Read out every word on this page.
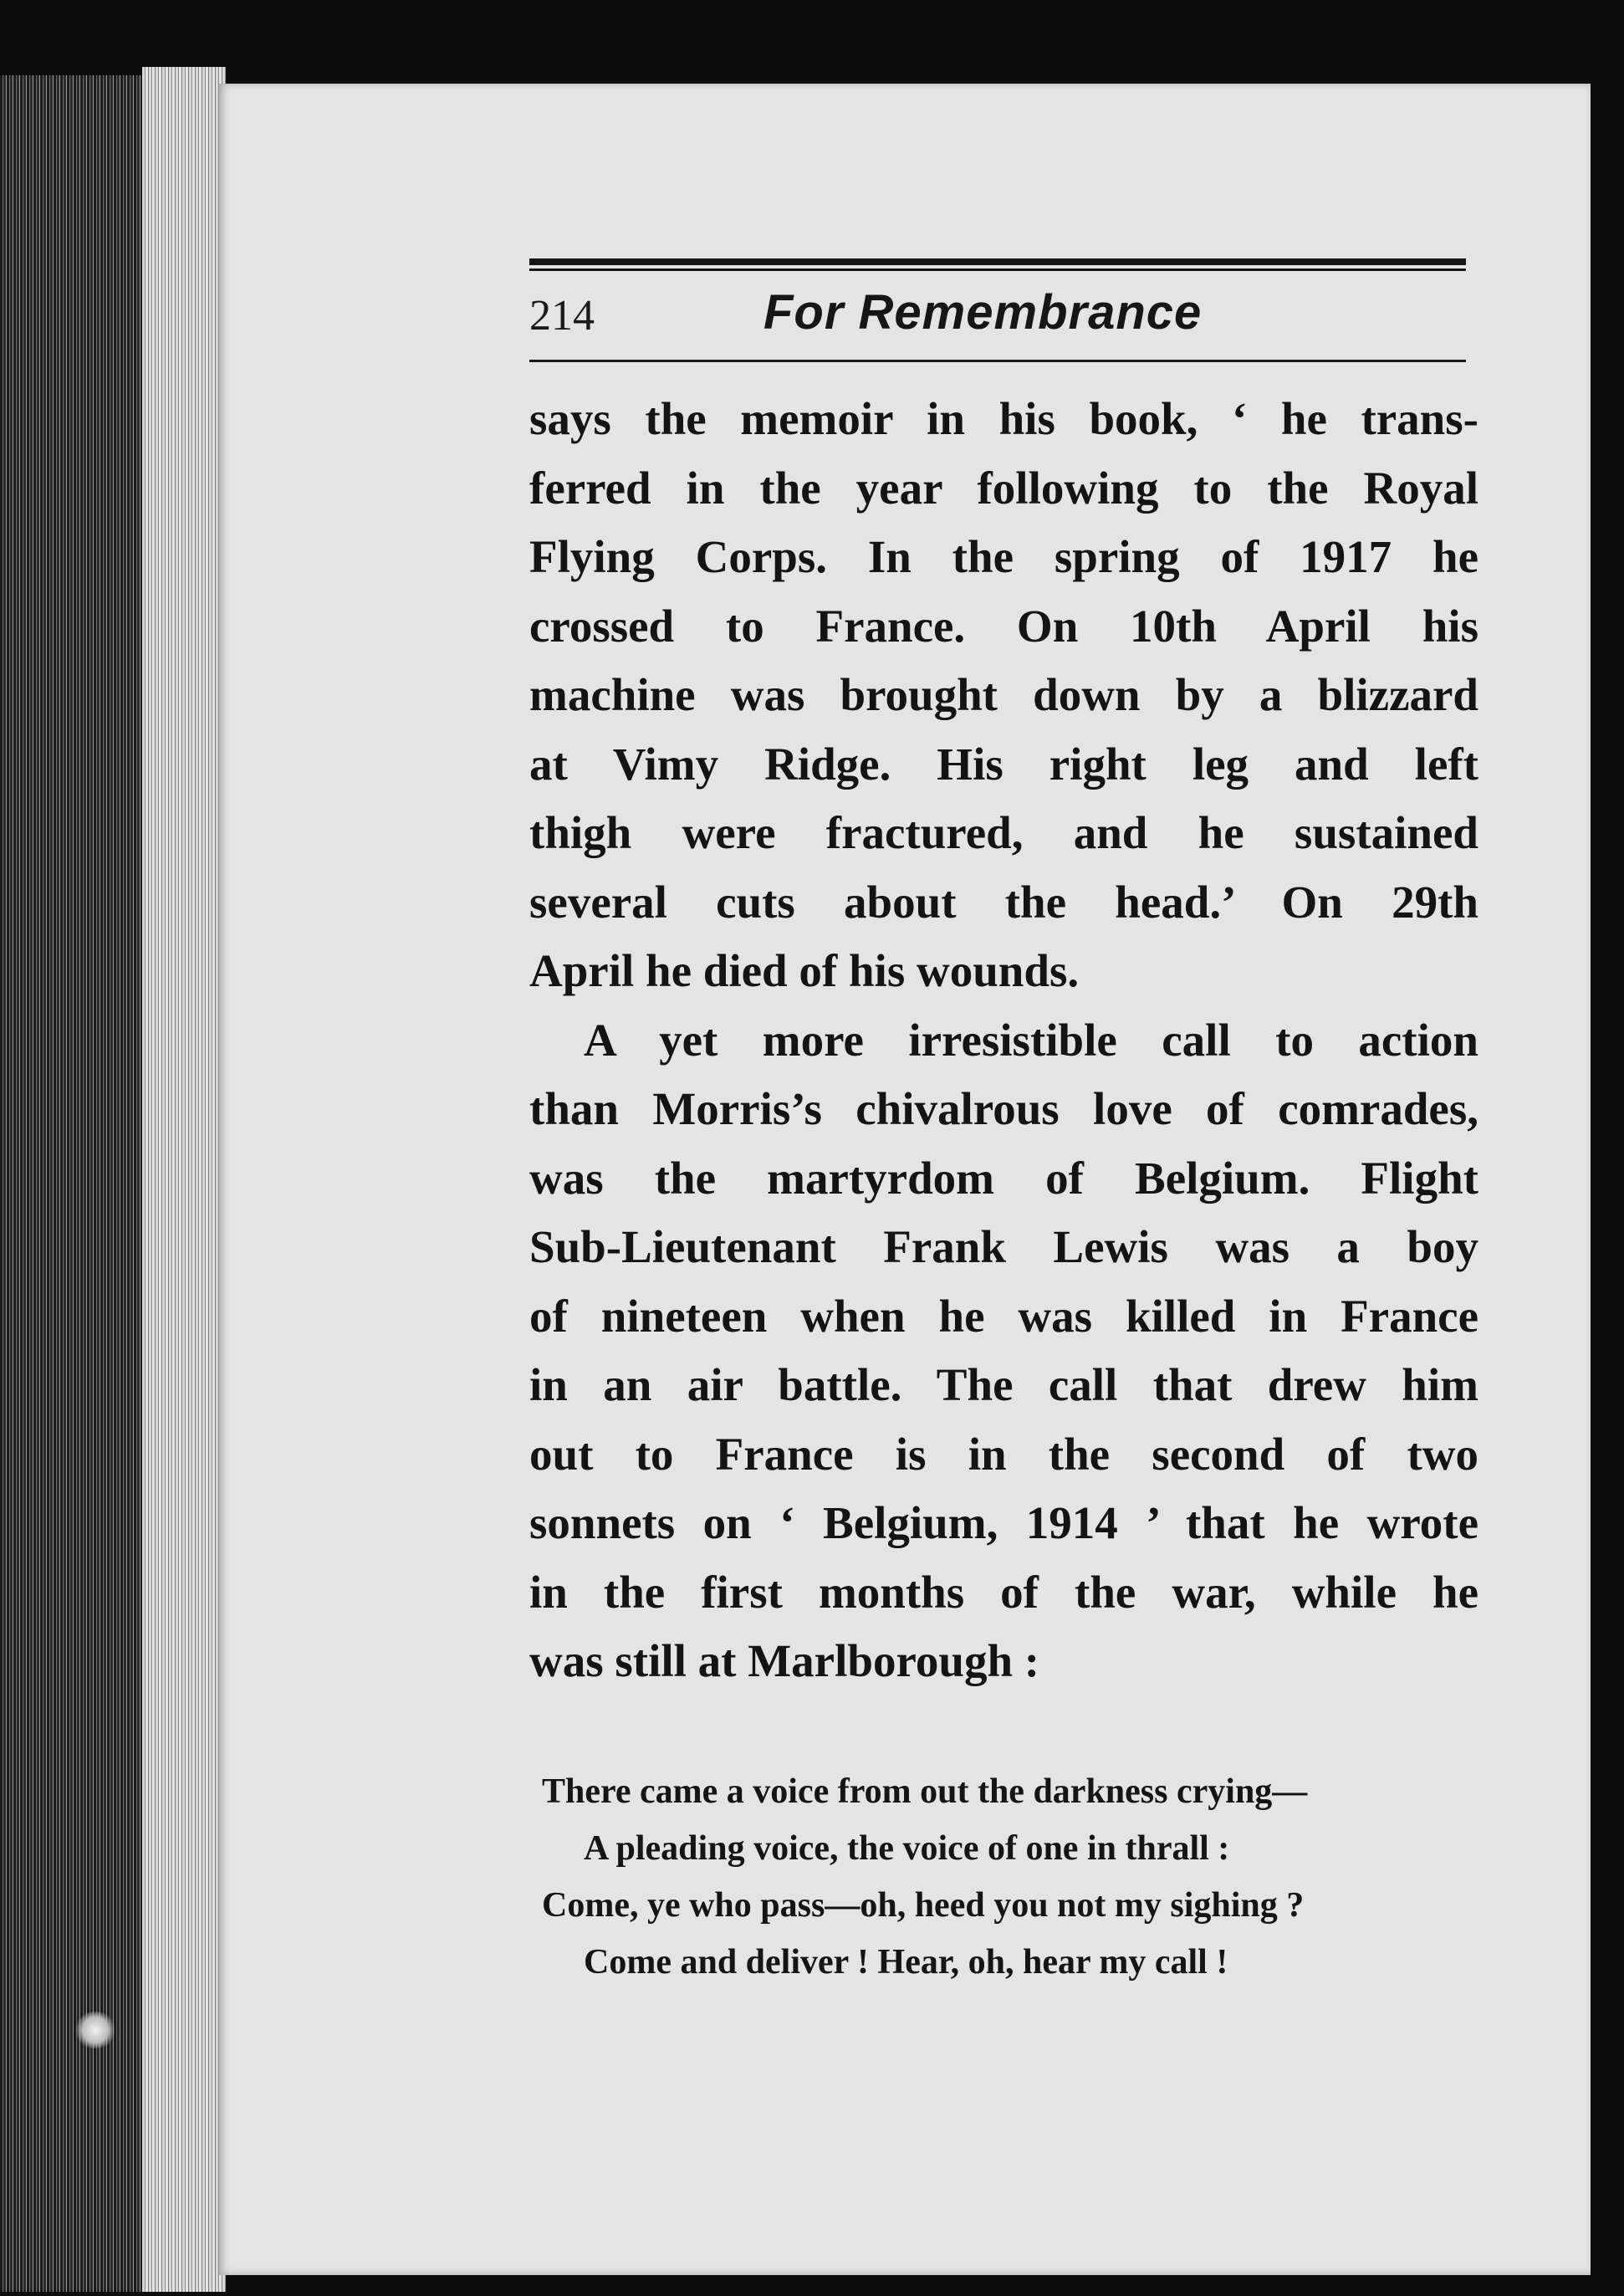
214	For Remembrance
says the memoir in his book, ‘ he trans-
ferred in the year following to the Royal
Flying Corps. In the spring of 1917 he
crossed to France. On 10th April his
machine was brought down by a blizzard
at Vimy Ridge. His right leg and left
thigh were fractured, and he sustained
several cuts about the head.’ On 29th
April he died of his wounds.
A yet more irresistible call to action
than Morris’s chivalrous love of comrades,
was the martyrdom of Belgium. Flight
Sub-Lieutenant Frank Lewis was a boy
of nineteen when he was killed in France
in an air battle. The call that drew him
out to France is in the second of two
sonnets on ‘ Belgium, 1914 ’ that he wrote
in the first months of the war, while he
was still at Marlborough :
There came a voice from out the darkness crying—
A pleading voice, the voice of one in thrall :
Come, ye who pass—oh, heed you not my sighing ?
Come and deliver ! Hear, oh, hear my call !
